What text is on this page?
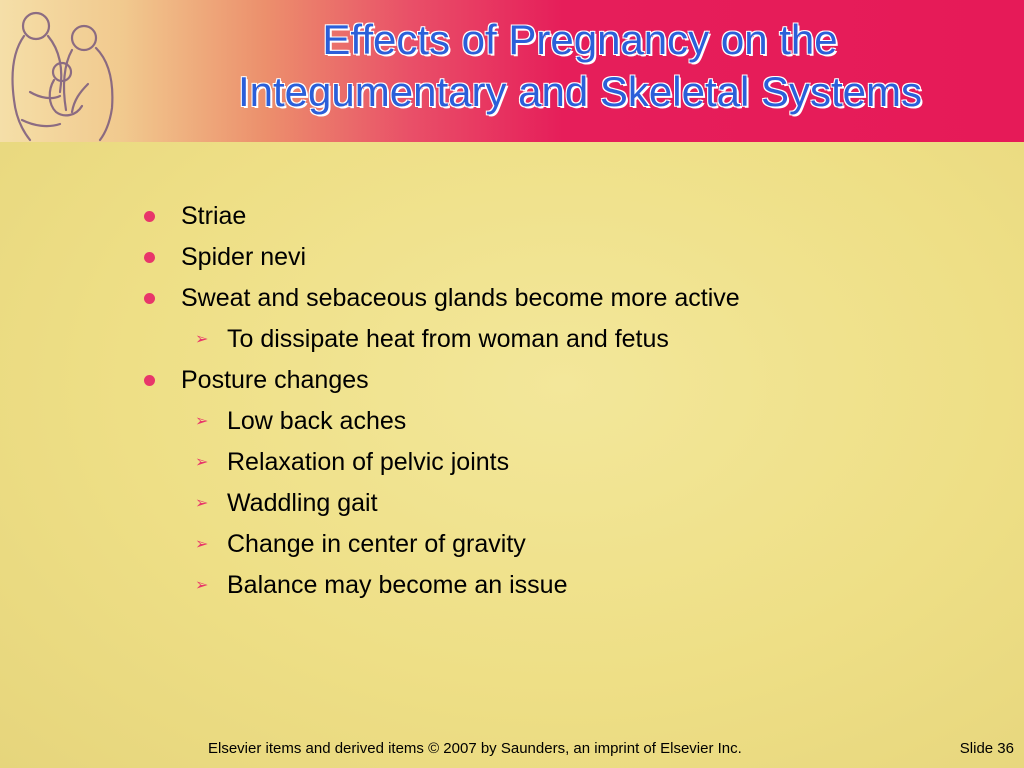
Effects of Pregnancy on the
Integumentary and Skeletal Systems
Striae
Spider nevi
Sweat and sebaceous glands become more active
➢ To dissipate heat from woman and fetus
Posture changes
➢ Low back aches
➢ Relaxation of pelvic joints
➢ Waddling gait
➢ Change in center of gravity
➢ Balance may become an issue
Elsevier items and derived items © 2007 by Saunders, an imprint of Elsevier Inc.	Slide 36
